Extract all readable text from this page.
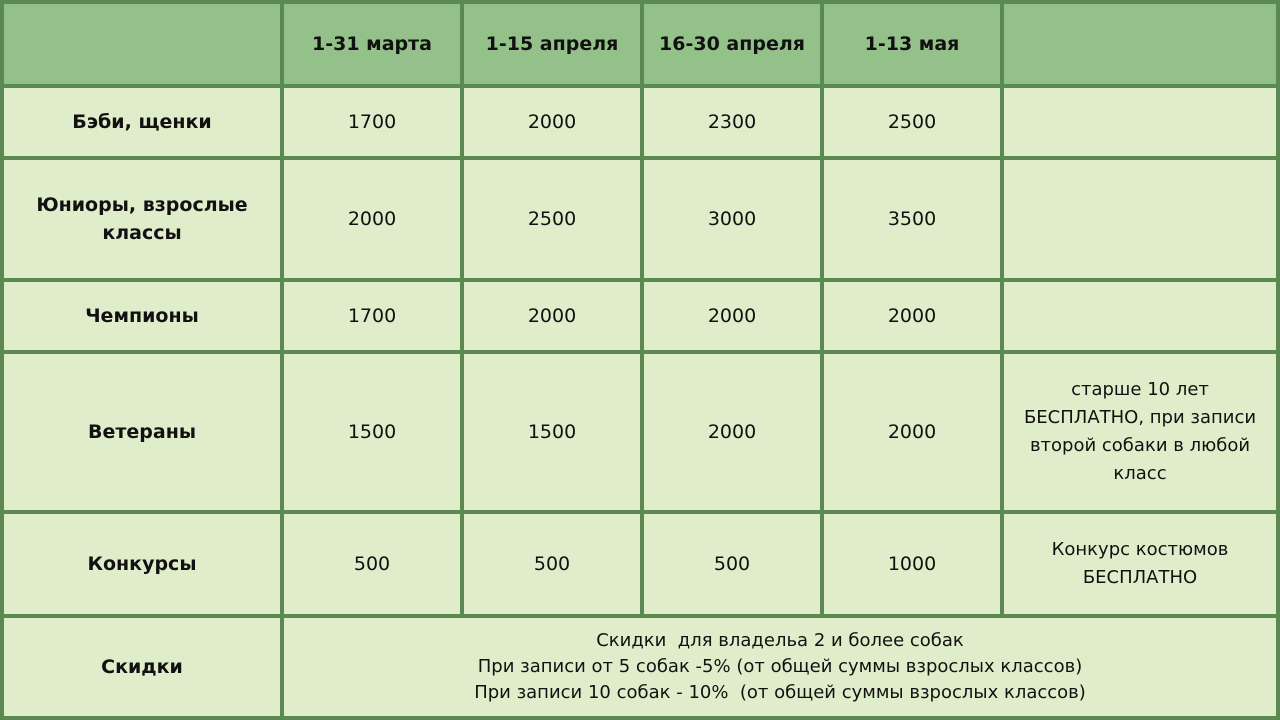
	1-31 марта	1-15 апреля	16-30 апреля	1-13 мая	
Бэби, щенки	1700	2000	2300	2500	
Юниоры, взрослые классы	2000	2500	3000	3500	
Чемпионы	1700	2000	2000	2000	
Ветераны	1500	1500	2000	2000	старше 10 лет
БЕСПЛАТНО, при записи
второй собаки в любой
класс

Конкурсы	500	500	500	1000	Конкурс костюмов
БЕСПЛАТНО

Скидки	Скидки  для владельа 2 и более собак
При записи от 5 собак -5% (от общей суммы взрослых классов)
При записи 10 собак - 10%  (от общей суммы взрослых классов)				
